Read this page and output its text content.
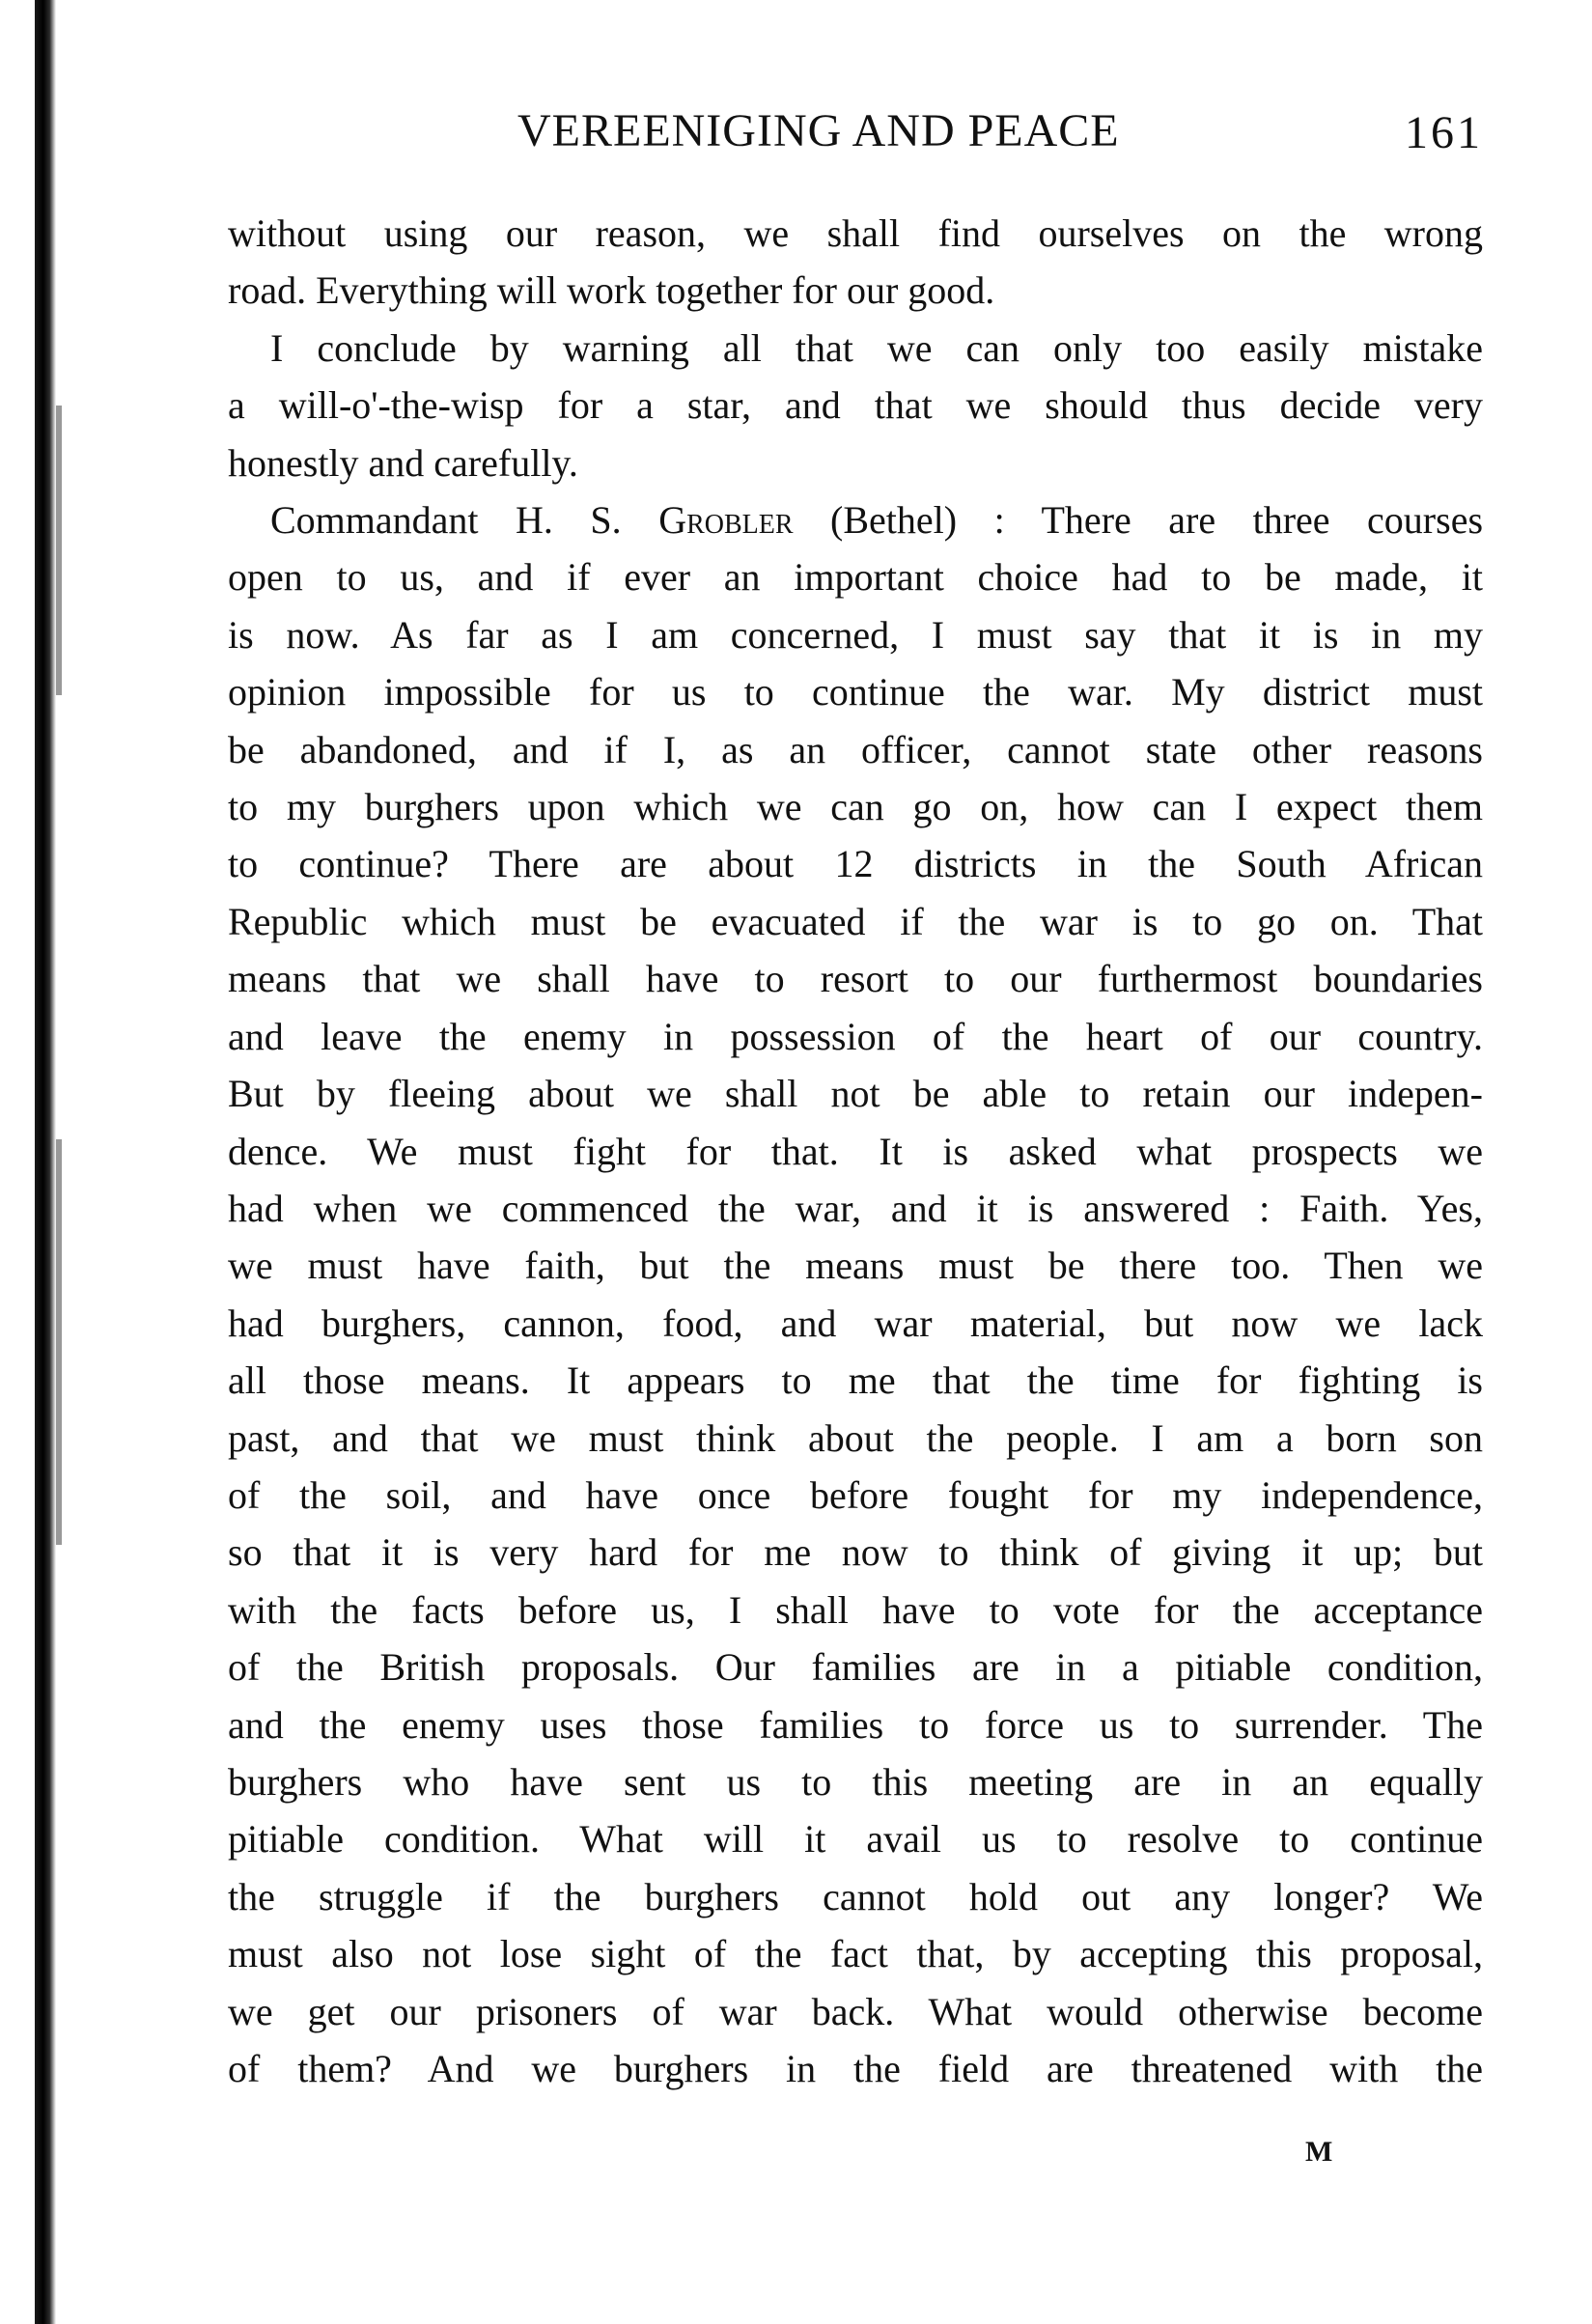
VEREENIGING AND PEACE	161
without using our reason, we shall find ourselves on the wrong
road. Everything will work together for our good.
I conclude by warning all that we can only too easily mistake
a will-o'-the-wisp for a star, and that we should thus decide very
honestly and carefully.
Commandant H. S. Grobler (Bethel) : There are three courses
open to us, and if ever an important choice had to be made, it
is now. As far as I am concerned, I must say that it is in my
opinion impossible for us to continue the war. My district must
be abandoned, and if I, as an officer, cannot state other reasons
to my burghers upon which we can go on, how can I expect them
to continue? There are about 12 districts in the South African
Republic which must be evacuated if the war is to go on. That
means that we shall have to resort to our furthermost boundaries
and leave the enemy in possession of the heart of our country.
But by fleeing about we shall not be able to retain our indepen-
dence. We must fight for that. It is asked what prospects we
had when we commenced the war, and it is answered : Faith. Yes,
we must have faith, but the means must be there too. Then we
had burghers, cannon, food, and war material, but now we lack
all those means. It appears to me that the time for fighting is
past, and that we must think about the people. I am a born son
of the soil, and have once before fought for my independence,
so that it is very hard for me now to think of giving it up; but
with the facts before us, I shall have to vote for the acceptance
of the British proposals. Our families are in a pitiable condition,
and the enemy uses those families to force us to surrender. The
burghers who have sent us to this meeting are in an equally
pitiable condition. What will it avail us to resolve to continue
the struggle if the burghers cannot hold out any longer? We
must also not lose sight of the fact that, by accepting this proposal,
we get our prisoners of war back. What would otherwise become
of them? And we burghers in the field are threatened with the
M
